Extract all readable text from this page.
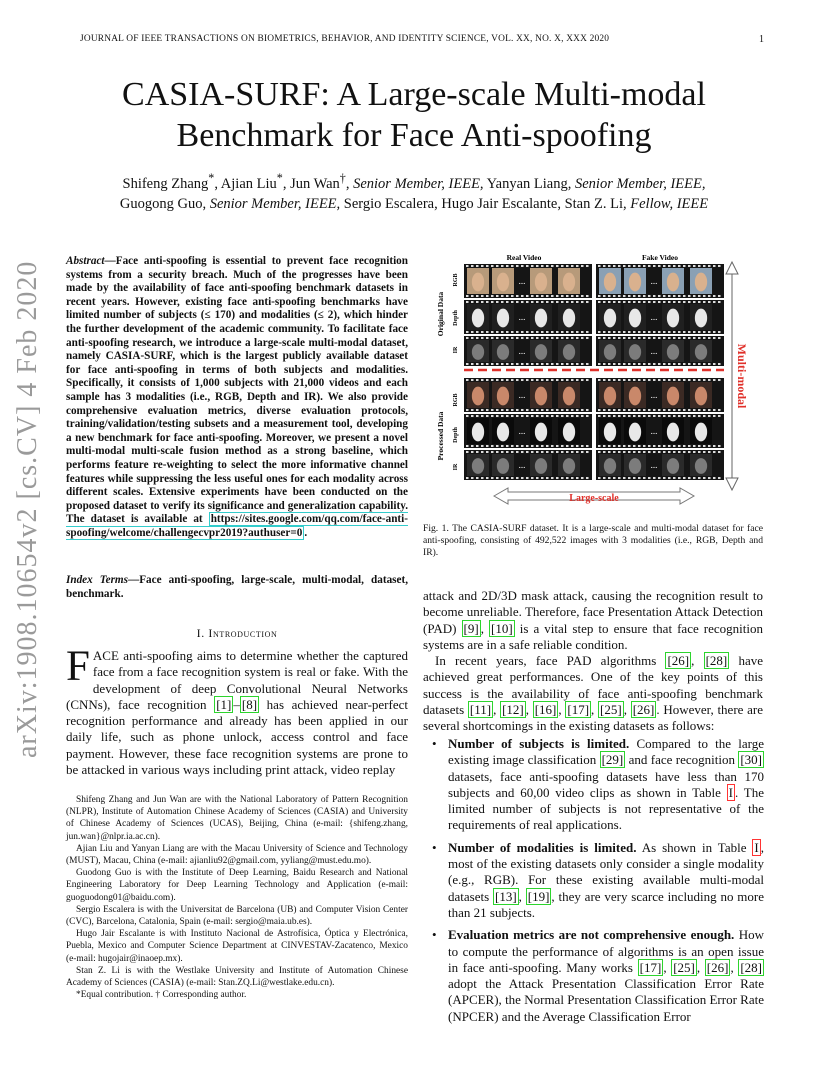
JOURNAL OF IEEE TRANSACTIONS ON BIOMETRICS, BEHAVIOR, AND IDENTITY SCIENCE, VOL. XX, NO. X, XXX 2020	1
CASIA-SURF: A Large-scale Multi-modal
Benchmark for Face Anti-spoofing
Shifeng Zhang*, Ajian Liu*, Jun Wan†, Senior Member, IEEE, Yanyan Liang, Senior Member, IEEE,
Guogong Guo, Senior Member, IEEE, Sergio Escalera, Hugo Jair Escalante, Stan Z. Li, Fellow, IEEE
arXiv:1908.10654v2 [cs.CV] 4 Feb 2020	Abstract—Face anti-spoofing is essential to prevent face recognition systems from a security breach. Much of the progresses have been made by the availability of face anti-spoofing benchmark datasets in recent years. However, existing face anti-spoofing benchmarks have limited number of subjects (≤ 170) and modalities (≤ 2), which hinder the further development of the academic community. To facilitate face anti-spoofing research, we introduce a large-scale multi-modal dataset, namely CASIA-SURF, which is the largest publicly available dataset for face anti-spoofing in terms of both subjects and modalities. Specifically, it consists of 1,000 subjects with 21,000 videos and each sample has 3 modalities (i.e., RGB, Depth and IR). We also provide comprehensive evaluation metrics, diverse evaluation protocols, training/validation/testing subsets and a measurement tool, developing a new benchmark for face anti-spoofing. Moreover, we present a novel multi-modal multi-scale fusion method as a strong baseline, which performs feature re-weighting to select the more informative channel features while suppressing the less useful ones for each modality across different scales. Extensive experiments have been conducted on the proposed dataset to verify its significance and generalization capability. The dataset is available at https://sites.google.com/qq.com/face-anti-spoofing/welcome/challengecvpr2019?authuser=0 .
Index Terms—Face anti-spoofing, large-scale, multi-modal, dataset, benchmark.
I. Introduction
FACE anti-spoofing aims to determine whether the captured face from a face recognition system is real or fake. With the development of deep Convolutional Neural Networks (CNNs), face recognition [1] – [8] has achieved near-perfect recognition performance and already has been applied in our daily life, such as phone unlock, access control and face payment. However, these face recognition systems are prone to be attacked in various ways including print attack, video replay

Shifeng Zhang and Jun Wan are with the National Laboratory of Pattern Recognition (NLPR), Institute of Automation Chinese Academy of Sciences (CASIA) and University of Chinese Academy of Sciences (UCAS), Beijing, China (e-mail: {shifeng.zhang, jun.wan}@nlpr.ia.ac.cn).

Ajian Liu and Yanyan Liang are with the Macau University of Science and Technology (MUST), Macau, China (e-mail: ajianliu92@gmail.com, yyliang@must.edu.mo).

Guodong Guo is with the Institute of Deep Learning, Baidu Research and National Engineering Laboratory for Deep Learning Technology and Application (e-mail: guoguodong01@baidu.com).

Sergio Escalera is with the Universitat de Barcelona (UB) and Computer Vision Center (CVC), Barcelona, Catalonia, Spain (e-mail: sergio@maia.ub.es).

Hugo Jair Escalante is with Instituto Nacional de Astrofísica, Óptica y Electrónica, Puebla, Mexico and Computer Science Department at CINVESTAV-Zacatenco, Mexico (e-mail: hugojair@inaoep.mx).

Stan Z. Li is with the Westlake University and Institute of Automation Chinese Academy of Sciences (CASIA) (e-mail: Stan.ZQ.Li@westlake.edu.cn).

*Equal contribution. † Corresponding author.

Real Video	Fake Video
Original Data
Processed Data
RGB
Depth
IR
RGB
Depth
IR
...	...
...	...
...	...
...	...
...	...
...	...
Multi-modal
Large-scale
Fig. 1. The CASIA-SURF dataset. It is a large-scale and multi-modal dataset for face anti-spoofing, consisting of 492,522 images with 3 modalities (i.e., RGB, Depth and IR).

attack and 2D/3D mask attack, causing the recognition result to become unreliable. Therefore, face Presentation Attack Detection (PAD) [9] , [10] is a vital step to ensure that face recognition systems are in a safe reliable condition.

In recent years, face PAD algorithms [26] , [28] have achieved great performances. One of the key points of this success is the availability of face anti-spoofing benchmark datasets [11] , [12] , [16] , [17] , [25] , [26] . However, there are several shortcomings in the existing datasets as follows:

• Number of subjects is limited. Compared to the large existing image classification [29] and face recognition [30] datasets, face anti-spoofing datasets have less than 170 subjects and 60,00 video clips as shown in Table I . The limited number of subjects is not representative of the requirements of real applications.
• Number of modalities is limited. As shown in Table I , most of the existing datasets only consider a single modality (e.g., RGB). For these existing available multi-modal datasets [13] , [19] , they are very scarce including no more than 21 subjects.
• Evaluation metrics are not comprehensive enough. How to compute the performance of algorithms is an open issue in face anti-spoofing. Many works [17] , [25] , [26] , [28] adopt the Attack Presentation Classification Error Rate (APCER), the Normal Presentation Classification Error Rate (NPCER) and the Average Classification Error
